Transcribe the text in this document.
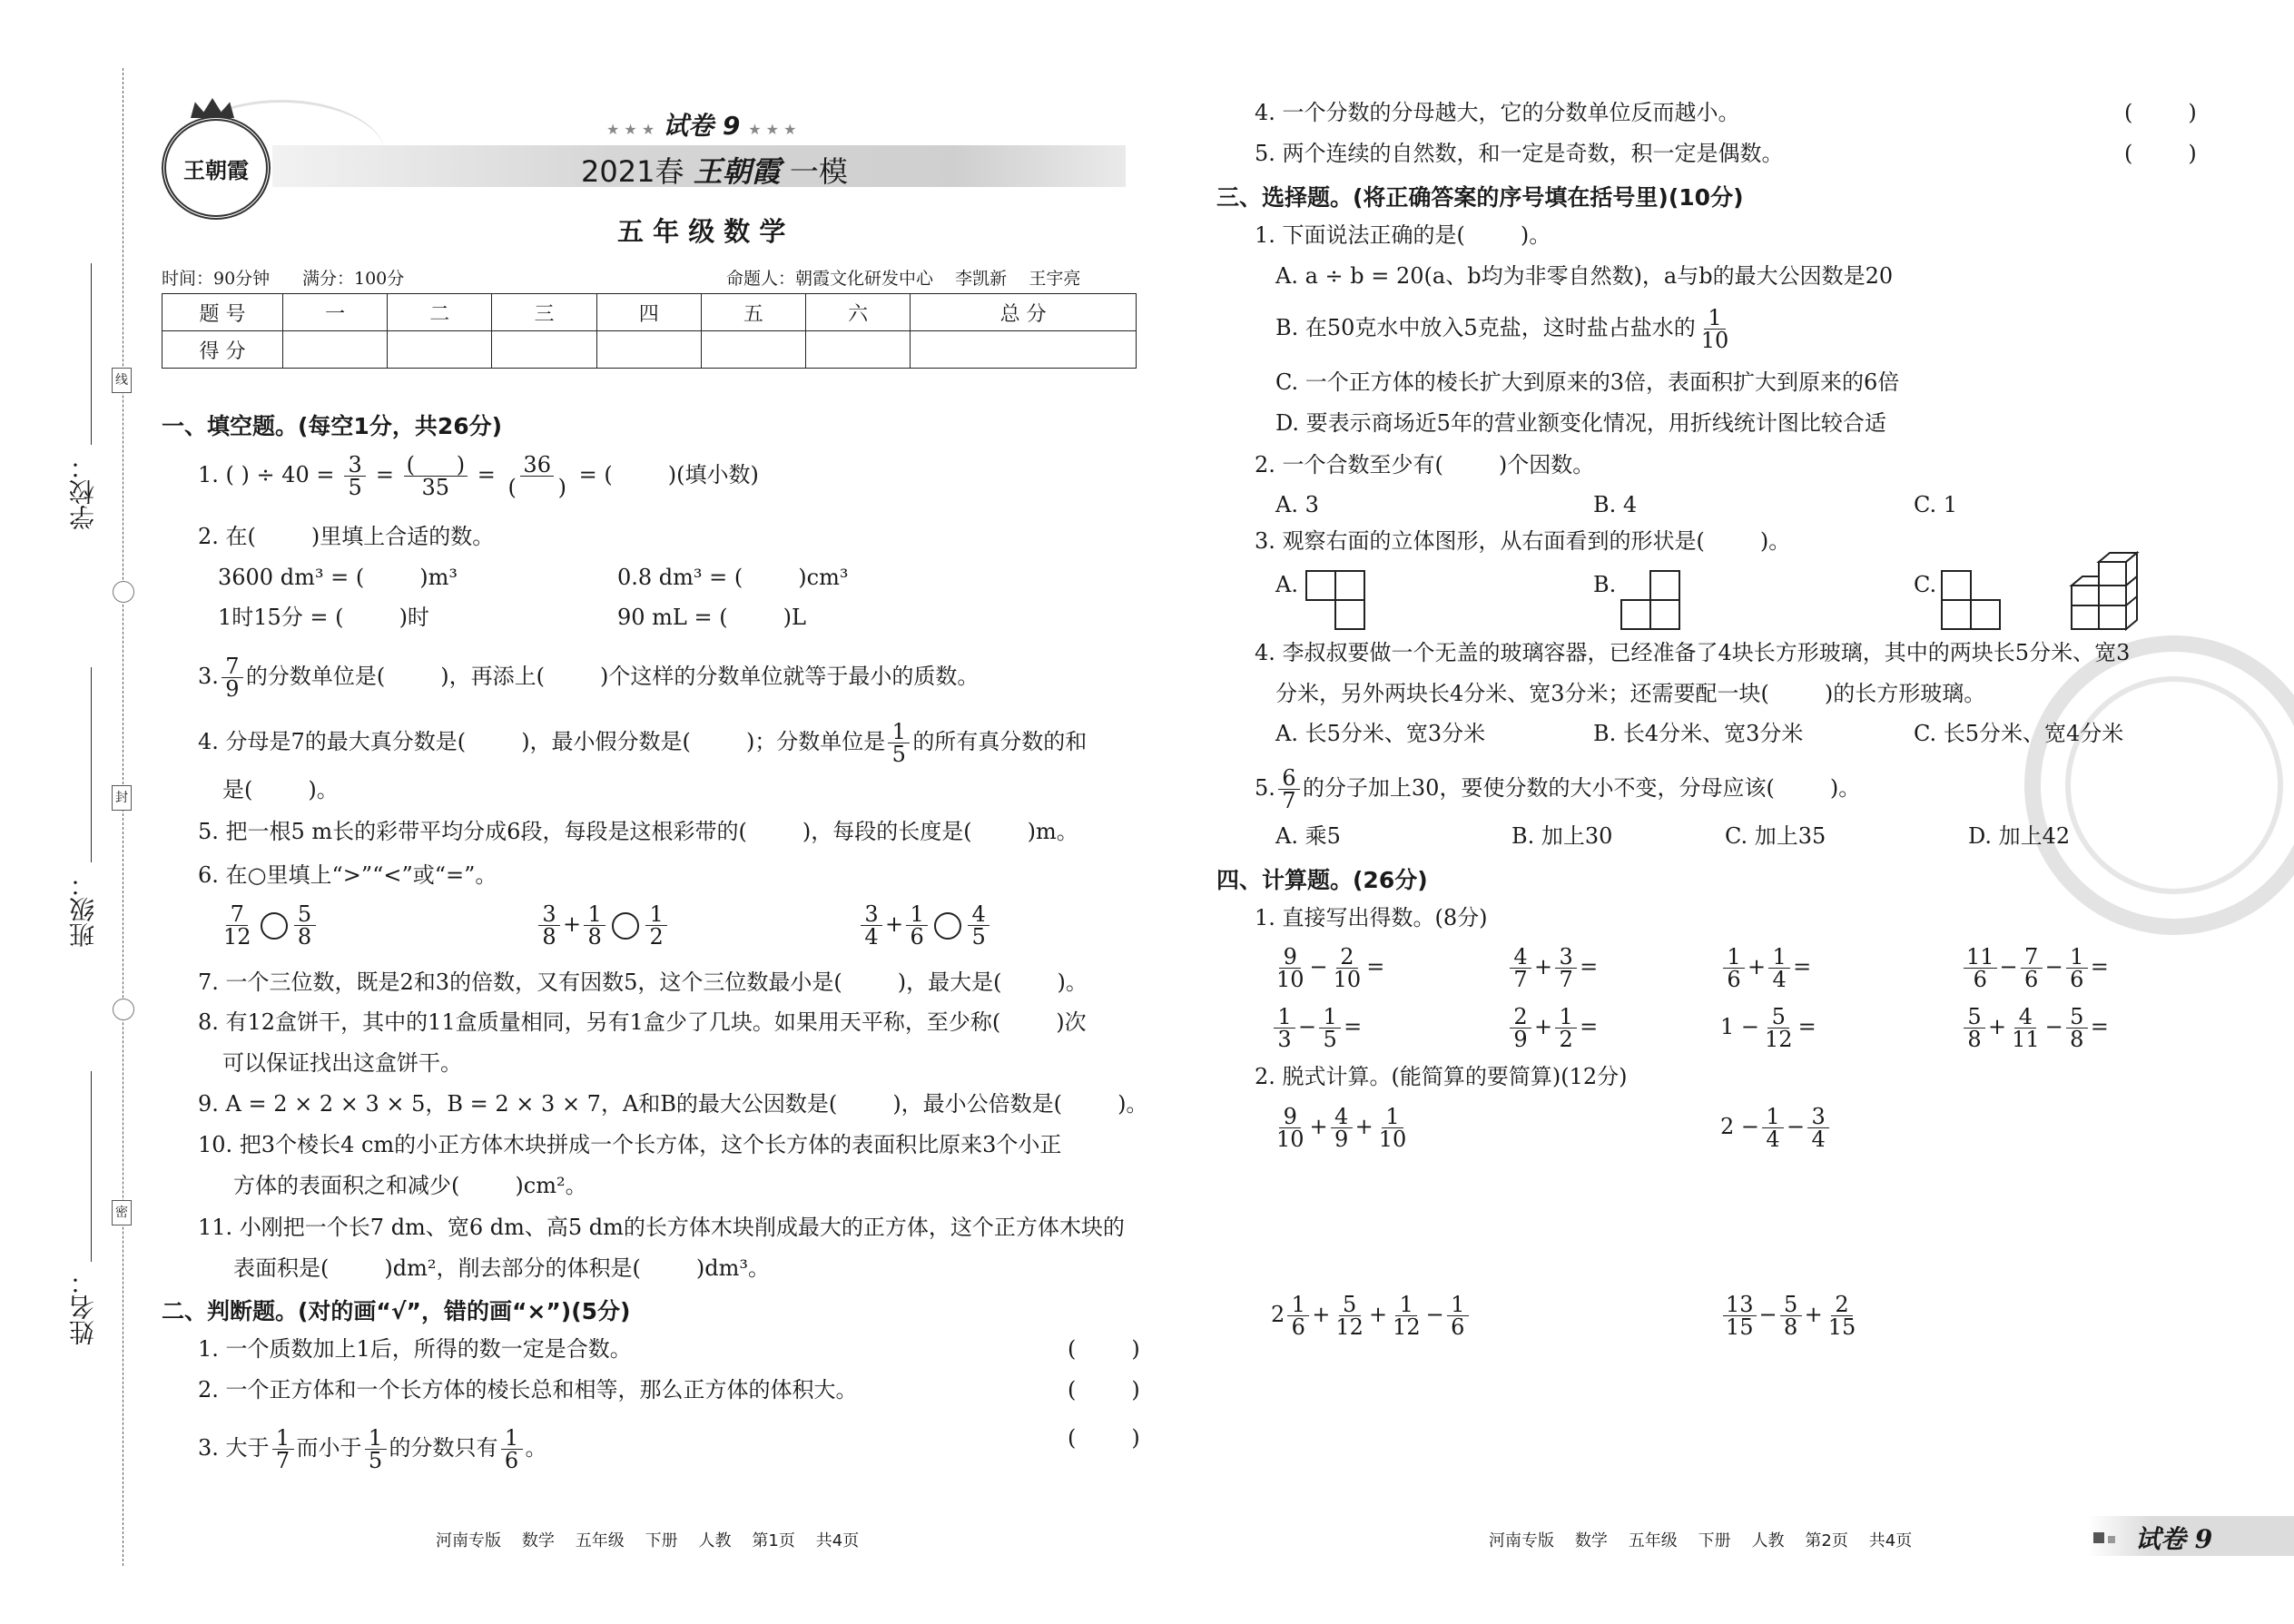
线
封
密
学校：
班级：
姓名：
王朝霞
★ ★ ★ 试卷 9 ★ ★ ★
2021春 王朝霞 一模
五 年 级 数 学
时间：90分钟 满分：100分	命题人：朝霞文化研发中心    李凯新    王宇亮
题 号	一	二	三	四	五	六	总 分
得 分							
一、填空题。(每空1分，共26分)
1. ( ) ÷ $40 = \frac{3}{5}$ = (      )
35 = 36
(      ) = (        )(填小数)
2. 在(        )里填上合适的数。
3600 dm³ = (        )m³	0.8 dm³ = (        )cm³
1时15分 = (        )时	90 mL = (        )L
3. $\frac{7}{9}$ 的分数单位是(        )，再添上(        )个这样的分数单位就等于最小的质数。
4. 分母是7的最大真分数是(        )，最小假分数是(        )；分数单位是 $\frac{1}{5}$ 的所有真分数的和
是(        )。
5. 把一根5 m长的彩带平均分成6段，每段是这根彩带的(        )，每段的长度是(        )m。
6. 在○里填上“>”“<”或“=”。
$\frac{7}{12} \frac{5}{8}$	$\frac{3}{8} + \frac{1}{8} \frac{1}{2}$	$\frac{3}{4} + \frac{1}{6} \frac{4}{5}$
7. 一个三位数，既是2和3的倍数，又有因数5，这个三位数最小是(        )，最大是(        )。
8. 有12盒饼干，其中的11盒质量相同，另有1盒少了几块。如果用天平称，至少称(        )次
可以保证找出这盒饼干。
9. A = 2 × 2 × 3 × 5，B = 2 × 3 × 7，A和B的最大公因数是(        )，最小公倍数是(        )。
10. 把3个棱长4 cm的小正方体木块拼成一个长方体，这个长方体的表面积比原来3个小正
方体的表面积之和减少(        )cm²。
11. 小刚把一个长7 dm、宽6 dm、高5 dm的长方体木块削成最大的正方体，这个正方体木块的
表面积是(        )dm²，削去部分的体积是(        )dm³。
二、判断题。(对的画“√”，错的画“×”)(5分)
1. 一个质数加上1后，所得的数一定是合数。	(        )
2. 一个正方体和一个长方体的棱长总和相等，那么正方体的体积大。	(        )
3. 大于 $\frac{1}{7}$ 而小于 $\frac{1}{5}$ 的分数只有 $\frac{1}{6}$ 。	(        )
河南专版    数学    五年级    下册    人教    第1页    共4页
4. 一个分数的分母越大，它的分数单位反而越小。	(        )
5. 两个连续的自然数，和一定是奇数，积一定是偶数。	(        )
三、选择题。(将正确答案的序号填在括号里)(10分)
1. 下面说法正确的是(        )。
A. a ÷ b = 20(a、b均为非零自然数)，a与b的最大公因数是20
B. 在50克水中放入5克盐，这时盐占盐水的 $\frac{1}{10}$
C. 一个正方体的棱长扩大到原来的3倍，表面积扩大到原来的6倍
D. 要表示商场近5年的营业额变化情况，用折线统计图比较合适
2. 一个合数至少有(        )个因数。
A. 3	B. 4	C. 1
3. 观察右面的立体图形，从右面看到的形状是(        )。
A.	B.	C.
4. 李叔叔要做一个无盖的玻璃容器，已经准备了4块长方形玻璃，其中的两块长5分米、宽3
分米，另外两块长4分米、宽3分米；还需要配一块(        )的长方形玻璃。
A. 长5分米、宽3分米	B. 长4分米、宽3分米	C. 长5分米、宽4分米
5. $\frac{6}{7}$ 的分子加上30，要使分数的大小不变，分母应该(        )。
A. 乘5	B. 加上30	C. 加上35	D. 加上42
四、计算题。(26分)
1. 直接写出得数。(8分)
$\frac{9}{10} - \frac{2}{10}$ =	$\frac{4}{7} + \frac{3}{7}$ =	$\frac{1}{6} + \frac{1}{4}$ =	$\frac{11}{6} - \frac{7}{6} - \frac{1}{6}$ =
$\frac{1}{3} - \frac{1}{5}$ =	$\frac{2}{9} + \frac{1}{2}$ =	$1 - \frac{5}{12}$ =	$\frac{5}{8} + \frac{4}{11} - \frac{5}{8}$ =
2. 脱式计算。(能简算的要简算)(12分)
$\frac{9}{10} + \frac{4}{9} + \frac{1}{10}$	$2 - \frac{1}{4} - \frac{3}{4}$
$2 \frac{1}{6} + \frac{5}{12} + \frac{1}{12} - \frac{1}{6}$	$\frac{13}{15} - \frac{5}{8} + \frac{2}{15}$
河南专版    数学    五年级    下册    人教    第2页    共4页	试卷 9
